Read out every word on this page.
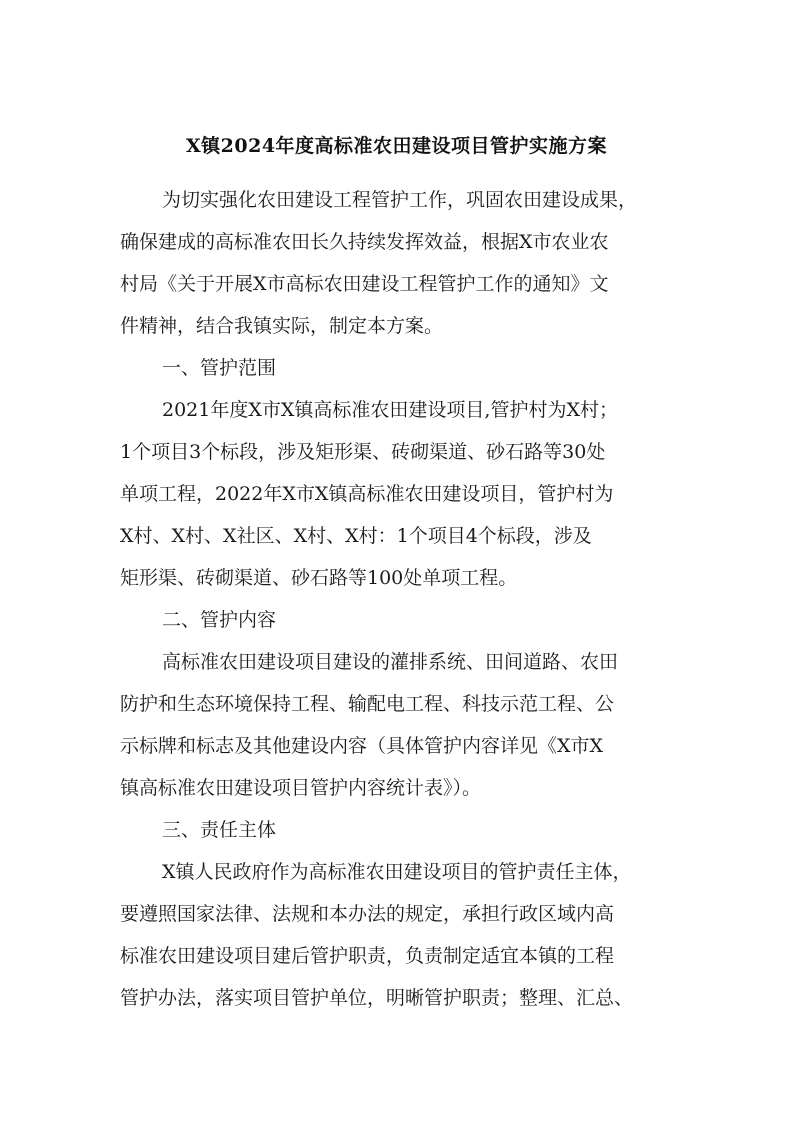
X镇2024年度高标准农田建设项目管护实施方案
为切实强化农田建设工程管护工作，巩固农田建设成果，
确保建成的高标准农田长久持续发挥效益，根据X市农业农
村局《关于开展X市高标农田建设工程管护工作的通知》文
件精神，结合我镇实际，制定本方案。
一、管护范围
2021年度X市X镇高标准农田建设项目,管护村为X村；
1个项目3个标段，涉及矩形渠、砖砌渠道、砂石路等30处
单项工程，2022年X市X镇高标准农田建设项目，管护村为
X村、X村、X社区、X村、X村：1个项目4个标段，涉及
矩形渠、砖砌渠道、砂石路等100处单项工程。
二、管护内容
高标准农田建设项目建设的灌排系统、田间道路、农田
防护和生态环境保持工程、输配电工程、科技示范工程、公
示标牌和标志及其他建设内容（具体管护内容详见《X市X
镇高标准农田建设项目管护内容统计表》）。
三、责任主体
X镇人民政府作为高标准农田建设项目的管护责任主体，
要遵照国家法律、法规和本办法的规定，承担行政区域内高
标准农田建设项目建后管护职责，负责制定适宜本镇的工程
管护办法，落实项目管护单位，明晰管护职责；整理、汇总、
